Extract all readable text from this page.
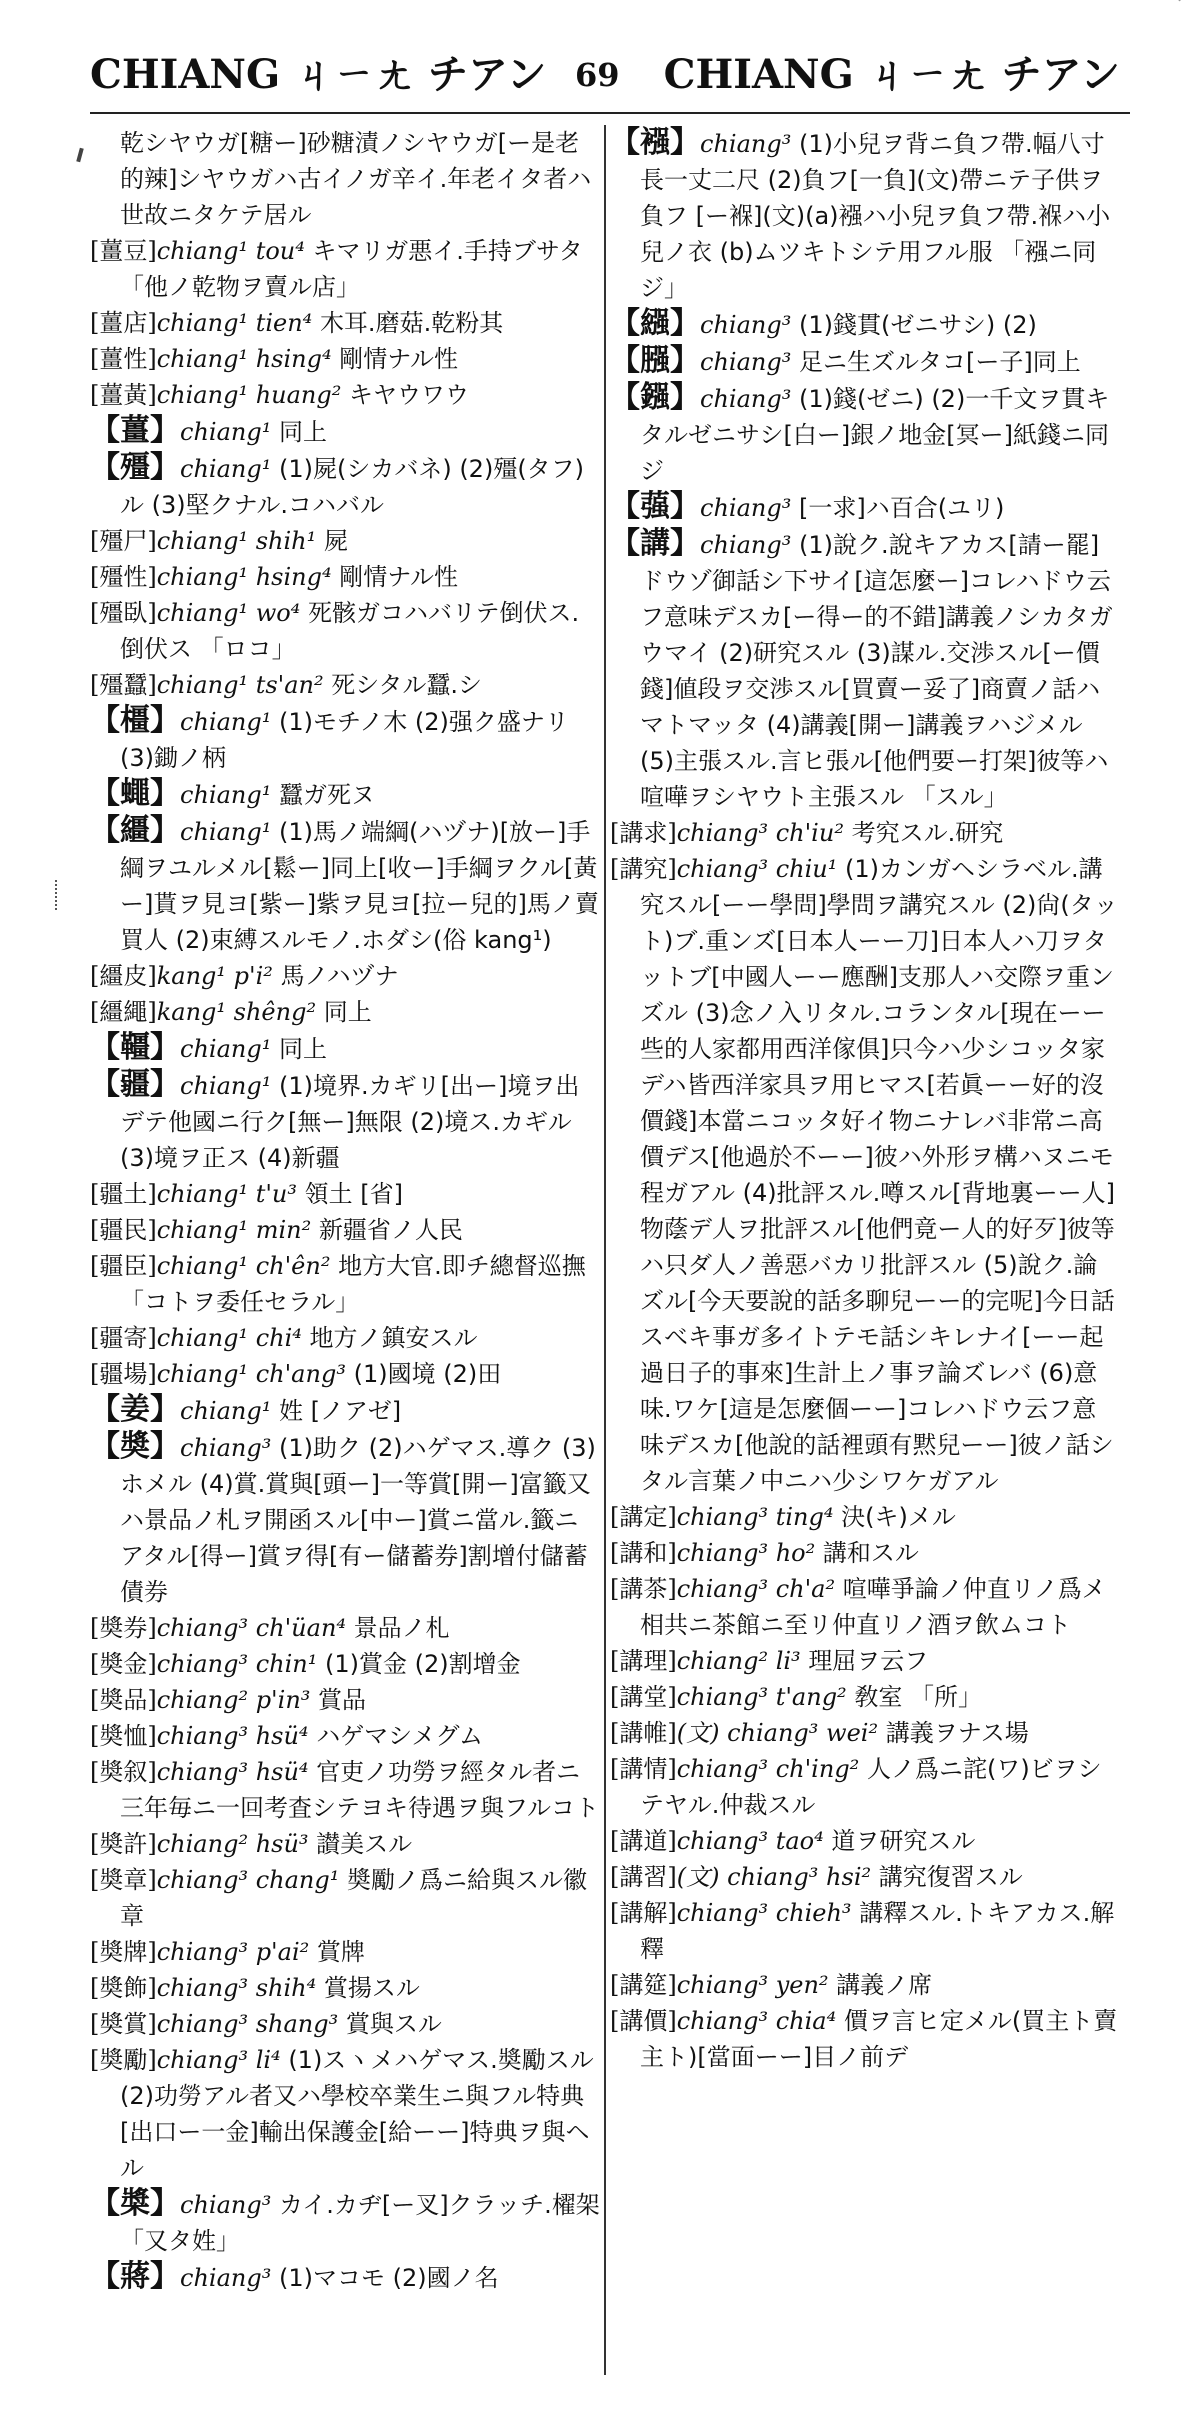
CHIANG ㄐㄧㄤ チアン 69 CHIANG ㄐㄧㄤ チアン

乾シヤウガ[糖ー]砂糖漬ノシヤウガ[ー是老的辣]シヤウガハ古イノガ辛イ.年老イタ者ハ世故ニタケテ居ル

[薑豆]chiang¹ tou⁴ キマリガ悪イ.手持ブサタ 「他ノ乾物ヲ賣ル店」

[薑店]chiang¹ tien⁴ 木耳.磨菇.乾粉其

[薑性]chiang¹ hsing⁴ 剛情ナル性

[薑黃]chiang¹ huang² キヤウワウ

【薑】chiang¹ 同上

【殭】chiang¹ (1)屍(シカバネ) (2)殭(タフ)ル (3)堅クナル.コハバル

[殭尸]chiang¹ shih¹ 屍

[殭性]chiang¹ hsing⁴ 剛情ナル性

[殭臥]chiang¹ wo⁴ 死骸ガコハバリテ倒伏ス.倒伏ス 「ロコ」

[殭蠶]chiang¹ ts'an² 死シタル蠶.シ

【橿】chiang¹ (1)モチノ木 (2)强ク盛ナリ (3)鋤ノ柄

【蠅】chiang¹ 蠶ガ死ヌ

【繮】chiang¹ (1)馬ノ端綱(ハヅナ)[放ー]手綱ヲユルメル[鬆ー]同上[收ー]手綱ヲクル[黃ー]貰ヲ見ヨ[紫ー]紫ヲ見ヨ[拉ー兒的]馬ノ賣買人 (2)束縛スルモノ.ホダシ(俗 kang¹)

[繮皮]kang¹ p'i² 馬ノハヅナ

[繮繩]kang¹ shêng² 同上

【韁】chiang¹ 同上

【疆】chiang¹ (1)境界.カギリ[出ー]境ヲ出デテ他國ニ行ク[無ー]無限 (2)境ス.カギル (3)境ヲ正ス (4)新疆

[疆土]chiang¹ t'u³ 領土 [省]

[疆民]chiang¹ min² 新疆省ノ人民

[疆臣]chiang¹ ch'ên² 地方大官.即チ總督巡撫 「コトヲ委任セラル」

[疆寄]chiang¹ chi⁴ 地方ノ鎮安スル

[疆場]chiang¹ ch'ang³ (1)國境 (2)田

【姜】chiang¹ 姓 [ノアゼ]

【奬】chiang³ (1)助ク (2)ハゲマス.導ク (3)ホメル (4)賞.賞與[頭ー]一等賞[開ー]富籤又ハ景品ノ札ヲ開函スル[中ー]賞ニ當ル.籤ニアタル[得ー]賞ヲ得[有ー儲蓄券]割增付儲蓄債券

[奬券]chiang³ ch'üan⁴ 景品ノ札

[奬金]chiang³ chin¹ (1)賞金 (2)割增金

[奬品]chiang² p'in³ 賞品

[奬恤]chiang³ hsü⁴ ハゲマシメグム

[奬叙]chiang³ hsü⁴ 官吏ノ功勞ヲ經タル者ニ三年毎ニ一回考査シテヨキ待遇ヲ與フルコト

[奬許]chiang² hsü³ 讃美スル

[奬章]chiang³ chang¹ 奬勵ノ爲ニ給與スル徽章

[奬牌]chiang³ p'ai² 賞牌

[奬飾]chiang³ shih⁴ 賞揚スル

[奬賞]chiang³ shang³ 賞與スル

[奬勵]chiang³ li⁴ (1)スヽメハゲマス.奬勵スル (2)功勞アル者又ハ學校卒業生ニ與フル特典[出口ー一金]輸出保護金[給ーー]特典ヲ與ヘル

【槳】chiang³ カイ.カヂ[ー叉]クラッチ.櫂架 「又タ姓」

【蔣】chiang³ (1)マコモ (2)國ノ名

【襁】chiang³ (1)小兒ヲ背ニ負フ帶.幅八寸長一丈二尺 (2)負フ[一負](文)帶ニテ子供ヲ負フ [ー褓](文)(a)襁ハ小兒ヲ負フ帶.褓ハ小兒ノ衣 (b)ムツキトシテ用フル服 「襁ニ同ジ」

【繦】chiang³ (1)錢貫(ゼニサシ) (2)

【膙】chiang³ 足ニ生ズルタコ[ー子]同上

【鏹】chiang³ (1)錢(ゼニ) (2)一千文ヲ貫キタルゼニサシ[白ー]銀ノ地金[冥ー]紙錢ニ同ジ

【蔃】chiang³ [一求]ハ百合(ユリ)

【講】chiang³ (1)說ク.說キアカス[請ー罷]ドウゾ御話シ下サイ[這怎麼ー]コレハドウ云フ意味デスカ[ー得ー的不錯]講義ノシカタガウマイ (2)研究スル (3)謀ル.交渉スル[ー價錢]値段ヲ交渉スル[買賣ー妥了]商賣ノ話ハマトマッタ (4)講義[開ー]講義ヲハジメル (5)主張スル.言ヒ張ル[他們要ー打架]彼等ハ喧嘩ヲシヤウト主張スル 「スル」

[講求]chiang³ ch'iu² 考究スル.研究

[講究]chiang³ chiu¹ (1)カンガヘシラベル.講究スル[ーー學問]學問ヲ講究スル (2)尙(タット)ブ.重ンズ[日本人ーー刀]日本人ハ刀ヲタットブ[中國人ーー應酬]支那人ハ交際ヲ重ンズル (3)念ノ入リタル.コランタル[現在ーー些的人家都用西洋傢俱]只今ハ少シコッタ家デハ皆西洋家具ヲ用ヒマス[若眞ーー好的沒價錢]本當ニコッタ好イ物ニナレバ非常ニ高價デス[他過於不ーー]彼ハ外形ヲ構ハヌニモ程ガアル (4)批評スル.噂スル[背地裏ーー人]物蔭デ人ヲ批評スル[他們竟ー人的好歹]彼等ハ只ダ人ノ善惡バカリ批評スル (5)說ク.論ズル[今天要說的話多聊兒ーー的完呢]今日話スベキ事ガ多イトテモ話シキレナイ[ーー起過日子的事來]生計上ノ事ヲ論ズレバ (6)意味.ワケ[這是怎麼個ーー]コレハドウ云フ意味デスカ[他說的話裡頭有黙兒ーー]彼ノ話シタル言葉ノ中ニハ少シワケガアル

[講定]chiang³ ting⁴ 決(キ)メル

[講和]chiang³ ho² 講和スル

[講茶]chiang³ ch'a² 喧嘩爭論ノ仲直リノ爲メ相共ニ茶館ニ至リ仲直リノ酒ヲ飲ムコト

[講理]chiang² li³ 理屈ヲ云フ

[講堂]chiang³ t'ang² 敎室 「所」

[講帷](文) chiang³ wei² 講義ヲナス場

[講情]chiang³ ch'ing² 人ノ爲ニ詫(ワ)ビヲシテヤル.仲裁スル

[講道]chiang³ tao⁴ 道ヲ研究スル

[講習](文) chiang³ hsi² 講究復習スル

[講解]chiang³ chieh³ 講釋スル.トキアカス.解釋

[講筵]chiang³ yen² 講義ノ席

[講價]chiang³ chia⁴ 價ヲ言ヒ定メル(買主ト賣主ト)[當面ーー]目ノ前デ
